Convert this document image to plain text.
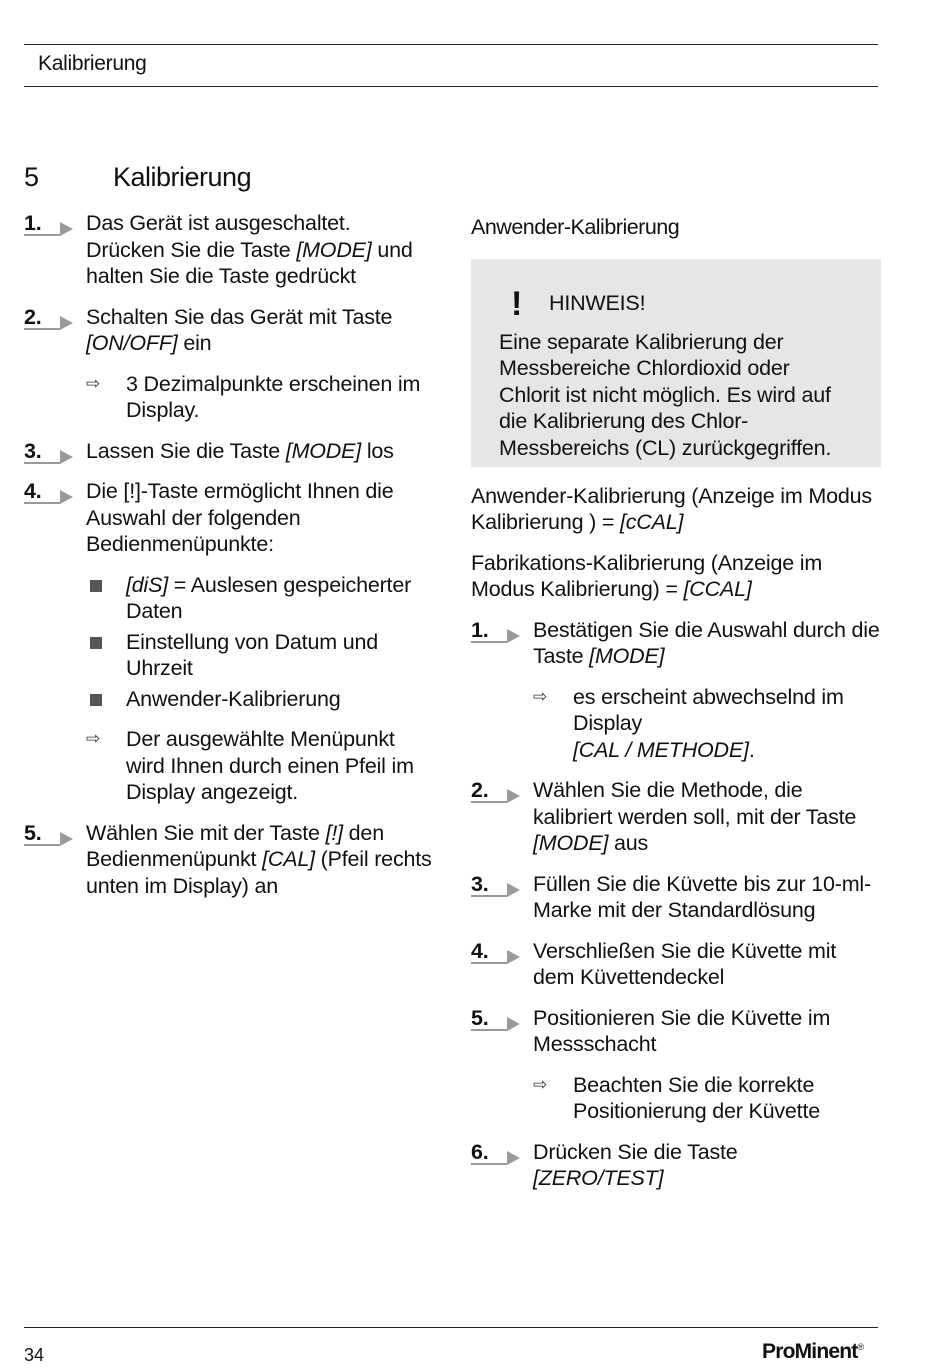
Kalibrierung
5	Kalibrierung
1.	Das Gerät ist ausgeschaltet. Drücken Sie die Taste [MODE] und halten Sie die Taste gedrückt
2.	Schalten Sie das Gerät mit Taste [ON/OFF] ein
⇨	3 Dezimalpunkte erscheinen im Display.
3.	Lassen Sie die Taste [MODE] los
4.	Die [!]-Taste ermöglicht Ihnen die Auswahl der folgenden Bedienmenüpunkte:
[diS] = Auslesen gespeicherter Daten
Einstellung von Datum und Uhrzeit
Anwender-Kalibrierung
⇨	Der ausgewählte Menüpunkt wird Ihnen durch einen Pfeil im Display angezeigt.
5.	Wählen Sie mit der Taste [!] den Bedienmenüpunkt [CAL] (Pfeil rechts unten im Display) an
Anwender-Kalibrierung
!	HINWEIS!
Eine separate Kalibrierung der Messbereiche Chlordioxid oder Chlorit ist nicht möglich. Es wird auf die Kalibrierung des Chlor-Messbereichs (CL) zurückgegriffen.
Anwender-Kalibrierung (Anzeige im Modus Kalibrierung ) = [cCAL]
Fabrikations-Kalibrierung (Anzeige im Modus Kalibrierung) = [CCAL]
1.	Bestätigen Sie die Auswahl durch die Taste [MODE]
⇨	es erscheint abwechselnd im Display
[CAL / METHODE].
2.	Wählen Sie die Methode, die kalibriert werden soll, mit der Taste [MODE] aus
3.	Füllen Sie die Küvette bis zur 10-ml-Marke mit der Standardlösung
4.	Verschließen Sie die Küvette mit dem Küvettendeckel
5.	Positionieren Sie die Küvette im Messschacht
⇨	Beachten Sie die korrekte Positionierung der Küvette
6.	Drücken Sie die Taste
[ZERO/TEST]
34	ProMinent®
